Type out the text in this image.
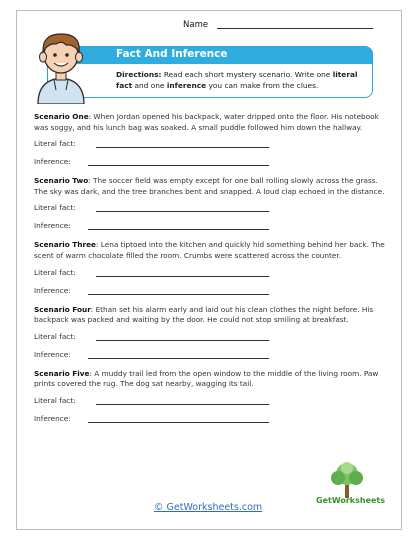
Name
Fact And Inference
Directions: Read each short mystery scenario. Write one literal
fact and one inference you can make from the clues.

Scenario One: When Jordan opened his backpack, water dripped onto the floor. His notebook was soggy, and his lunch bag was soaked. A small puddle followed him down the hallway.

Literal fact:
Inference:

Scenario Two: The soccer field was empty except for one ball rolling slowly across the grass. The sky was dark, and the tree branches bent and snapped. A loud clap echoed in the distance.

Literal fact:
Inference:

Scenario Three: Lena tiptoed into the kitchen and quickly hid something behind her back. The scent of warm chocolate filled the room. Crumbs were scattered across the counter.

Literal fact:
Inference:

Scenario Four: Ethan set his alarm early and laid out his clean clothes the night before. His backpack was packed and waiting by the door. He could not stop smiling at breakfast.

Literal fact:
Inference:

Scenario Five: A muddy trail led from the open window to the middle of the living room. Paw prints covered the rug. The dog sat nearby, wagging its tail.

Literal fact:
Inference:
© GetWorksheets.com
GetWorksheets
